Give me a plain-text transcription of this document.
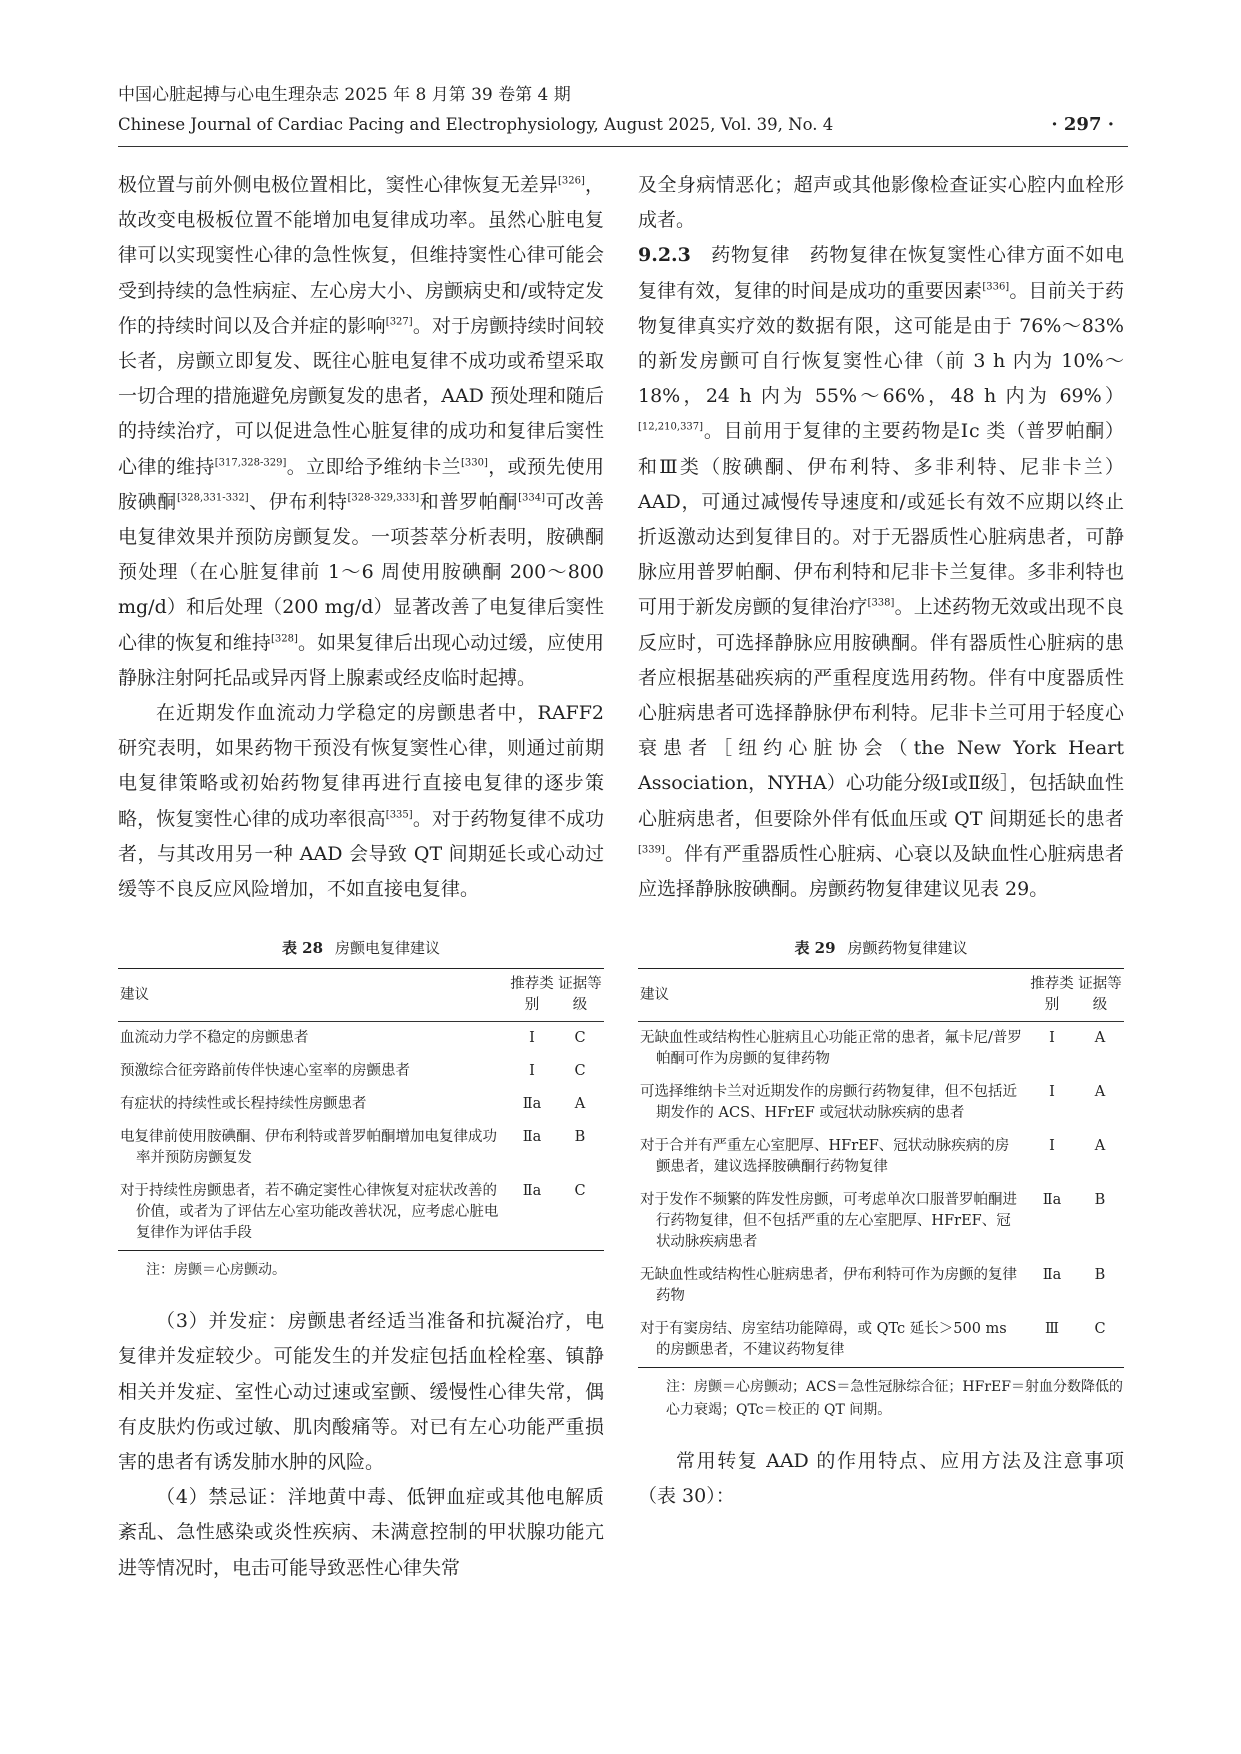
中国心脏起搏与心电生理杂志 2025 年 8 月第 39 卷第 4 期
Chinese Journal of Cardiac Pacing and Electrophysiology, August 2025, Vol. 39, No. 4	· 297 ·

极位置与前外侧电极位置相比，窦性心律恢复无差异[326]，故改变电极板位置不能增加电复律成功率。虽然心脏电复律可以实现窦性心律的急性恢复，但维持窦性心律可能会受到持续的急性病症、左心房大小、房颤病史和/或特定发作的持续时间以及合并症的影响[327]。对于房颤持续时间较长者，房颤立即复发、既往心脏电复律不成功或希望采取一切合理的措施避免房颤复发的患者，AAD 预处理和随后的持续治疗，可以促进急性心脏复律的成功和复律后窦性心律的维持[317,328-329]。立即给予维纳卡兰[330]，或预先使用胺碘酮[328,331-332]、伊布利特[328-329,333]和普罗帕酮[334]可改善电复律效果并预防房颤复发。一项荟萃分析表明，胺碘酮预处理（在心脏复律前 1～6 周使用胺碘酮 200～800 mg/d）和后处理（200 mg/d）显著改善了电复律后窦性心律的恢复和维持[328]。如果复律后出现心动过缓，应使用静脉注射阿托品或异丙肾上腺素或经皮临时起搏。

在近期发作血流动力学稳定的房颤患者中，RAFF2 研究表明，如果药物干预没有恢复窦性心律，则通过前期电复律策略或初始药物复律再进行直接电复律的逐步策略，恢复窦性心律的成功率很高[335]。对于药物复律不成功者，与其改用另一种 AAD 会导致 QT 间期延长或心动过缓等不良反应风险增加，不如直接电复律。

表 28 房颤电复律建议
建议	推荐类别	证据等级

血流动力学不稳定的房颤患者	Ⅰ	C

预激综合征旁路前传伴快速心室率的房颤患者	Ⅰ	C

有症状的持续性或长程持续性房颤患者	Ⅱa	A

电复律前使用胺碘酮、伊布利特或普罗帕酮增加电复律成功率并预防房颤复发	Ⅱa	B

对于持续性房颤患者，若不确定窦性心律恢复对症状改善的价值，或者为了评估左心室功能改善状况，应考虑心脏电复律作为评估手段	Ⅱa	C
注：房颤＝心房颤动。

（3）并发症：房颤患者经适当准备和抗凝治疗，电复律并发症较少。可能发生的并发症包括血栓栓塞、镇静相关并发症、室性心动过速或室颤、缓慢性心律失常，偶有皮肤灼伤或过敏、肌肉酸痛等。对已有左心功能严重损害的患者有诱发肺水肿的风险。

（4）禁忌证：洋地黄中毒、低钾血症或其他电解质紊乱、急性感染或炎性疾病、未满意控制的甲状腺功能亢进等情况时，电击可能导致恶性心律失常

及全身病情恶化；超声或其他影像检查证实心腔内血栓形成者。

9.2.3　 药物复律　 药物复律在恢复窦性心律方面不如电复律有效，复律的时间是成功的重要因素[336]。目前关于药物复律真实疗效的数据有限，这可能是由于 76%～83% 的新发房颤可自行恢复窦性心律（前 3 h 内为 10%～18%，24 h 内为 55%～66%，48 h 内为 69%）[12,210,337]。目前用于复律的主要药物是Ⅰc 类（普罗帕酮）和Ⅲ类（胺碘酮、伊布利特、多非利特、尼非卡兰）AAD，可通过减慢传导速度和/或延长有效不应期以终止折返激动达到复律目的。对于无器质性心脏病患者，可静脉应用普罗帕酮、伊布利特和尼非卡兰复律。多非利特也可用于新发房颤的复律治疗[338]。上述药物无效或出现不良反应时，可选择静脉应用胺碘酮。伴有器质性心脏病的患者应根据基础疾病的严重程度选用药物。伴有中度器质性心脏病患者可选择静脉伊布利特。尼非卡兰可用于轻度心衰患者［纽约心脏协会（the New York Heart Association，NYHA）心功能分级Ⅰ或Ⅱ级］，包括缺血性心脏病患者，但要除外伴有低血压或 QT 间期延长的患者[339]。伴有严重器质性心脏病、心衰以及缺血性心脏病患者应选择静脉胺碘酮。房颤药物复律建议见表 29。

表 29 房颤药物复律建议
建议	推荐类别	证据等级

无缺血性或结构性心脏病且心功能正常的患者，氟卡尼/普罗帕酮可作为房颤的复律药物	Ⅰ	A

可选择维纳卡兰对近期发作的房颤行药物复律，但不包括近期发作的 ACS、HFrEF 或冠状动脉疾病的患者	Ⅰ	A

对于合并有严重左心室肥厚、HFrEF、冠状动脉疾病的房颤患者，建议选择胺碘酮行药物复律	Ⅰ	A

对于发作不频繁的阵发性房颤，可考虑单次口服普罗帕酮进行药物复律，但不包括严重的左心室肥厚、HFrEF、冠状动脉疾病患者	Ⅱa	B

无缺血性或结构性心脏病患者，伊布利特可作为房颤的复律药物	Ⅱa	B

对于有窦房结、房室结功能障碍，或 QTc 延长＞500 ms 的房颤患者，不建议药物复律	Ⅲ	C
注：房颤＝心房颤动；ACS＝急性冠脉综合征；HFrEF＝射血分数降低的心力衰竭；QTc＝校正的 QT 间期。

常用转复 AAD 的作用特点、应用方法及注意事项（表 30）：
